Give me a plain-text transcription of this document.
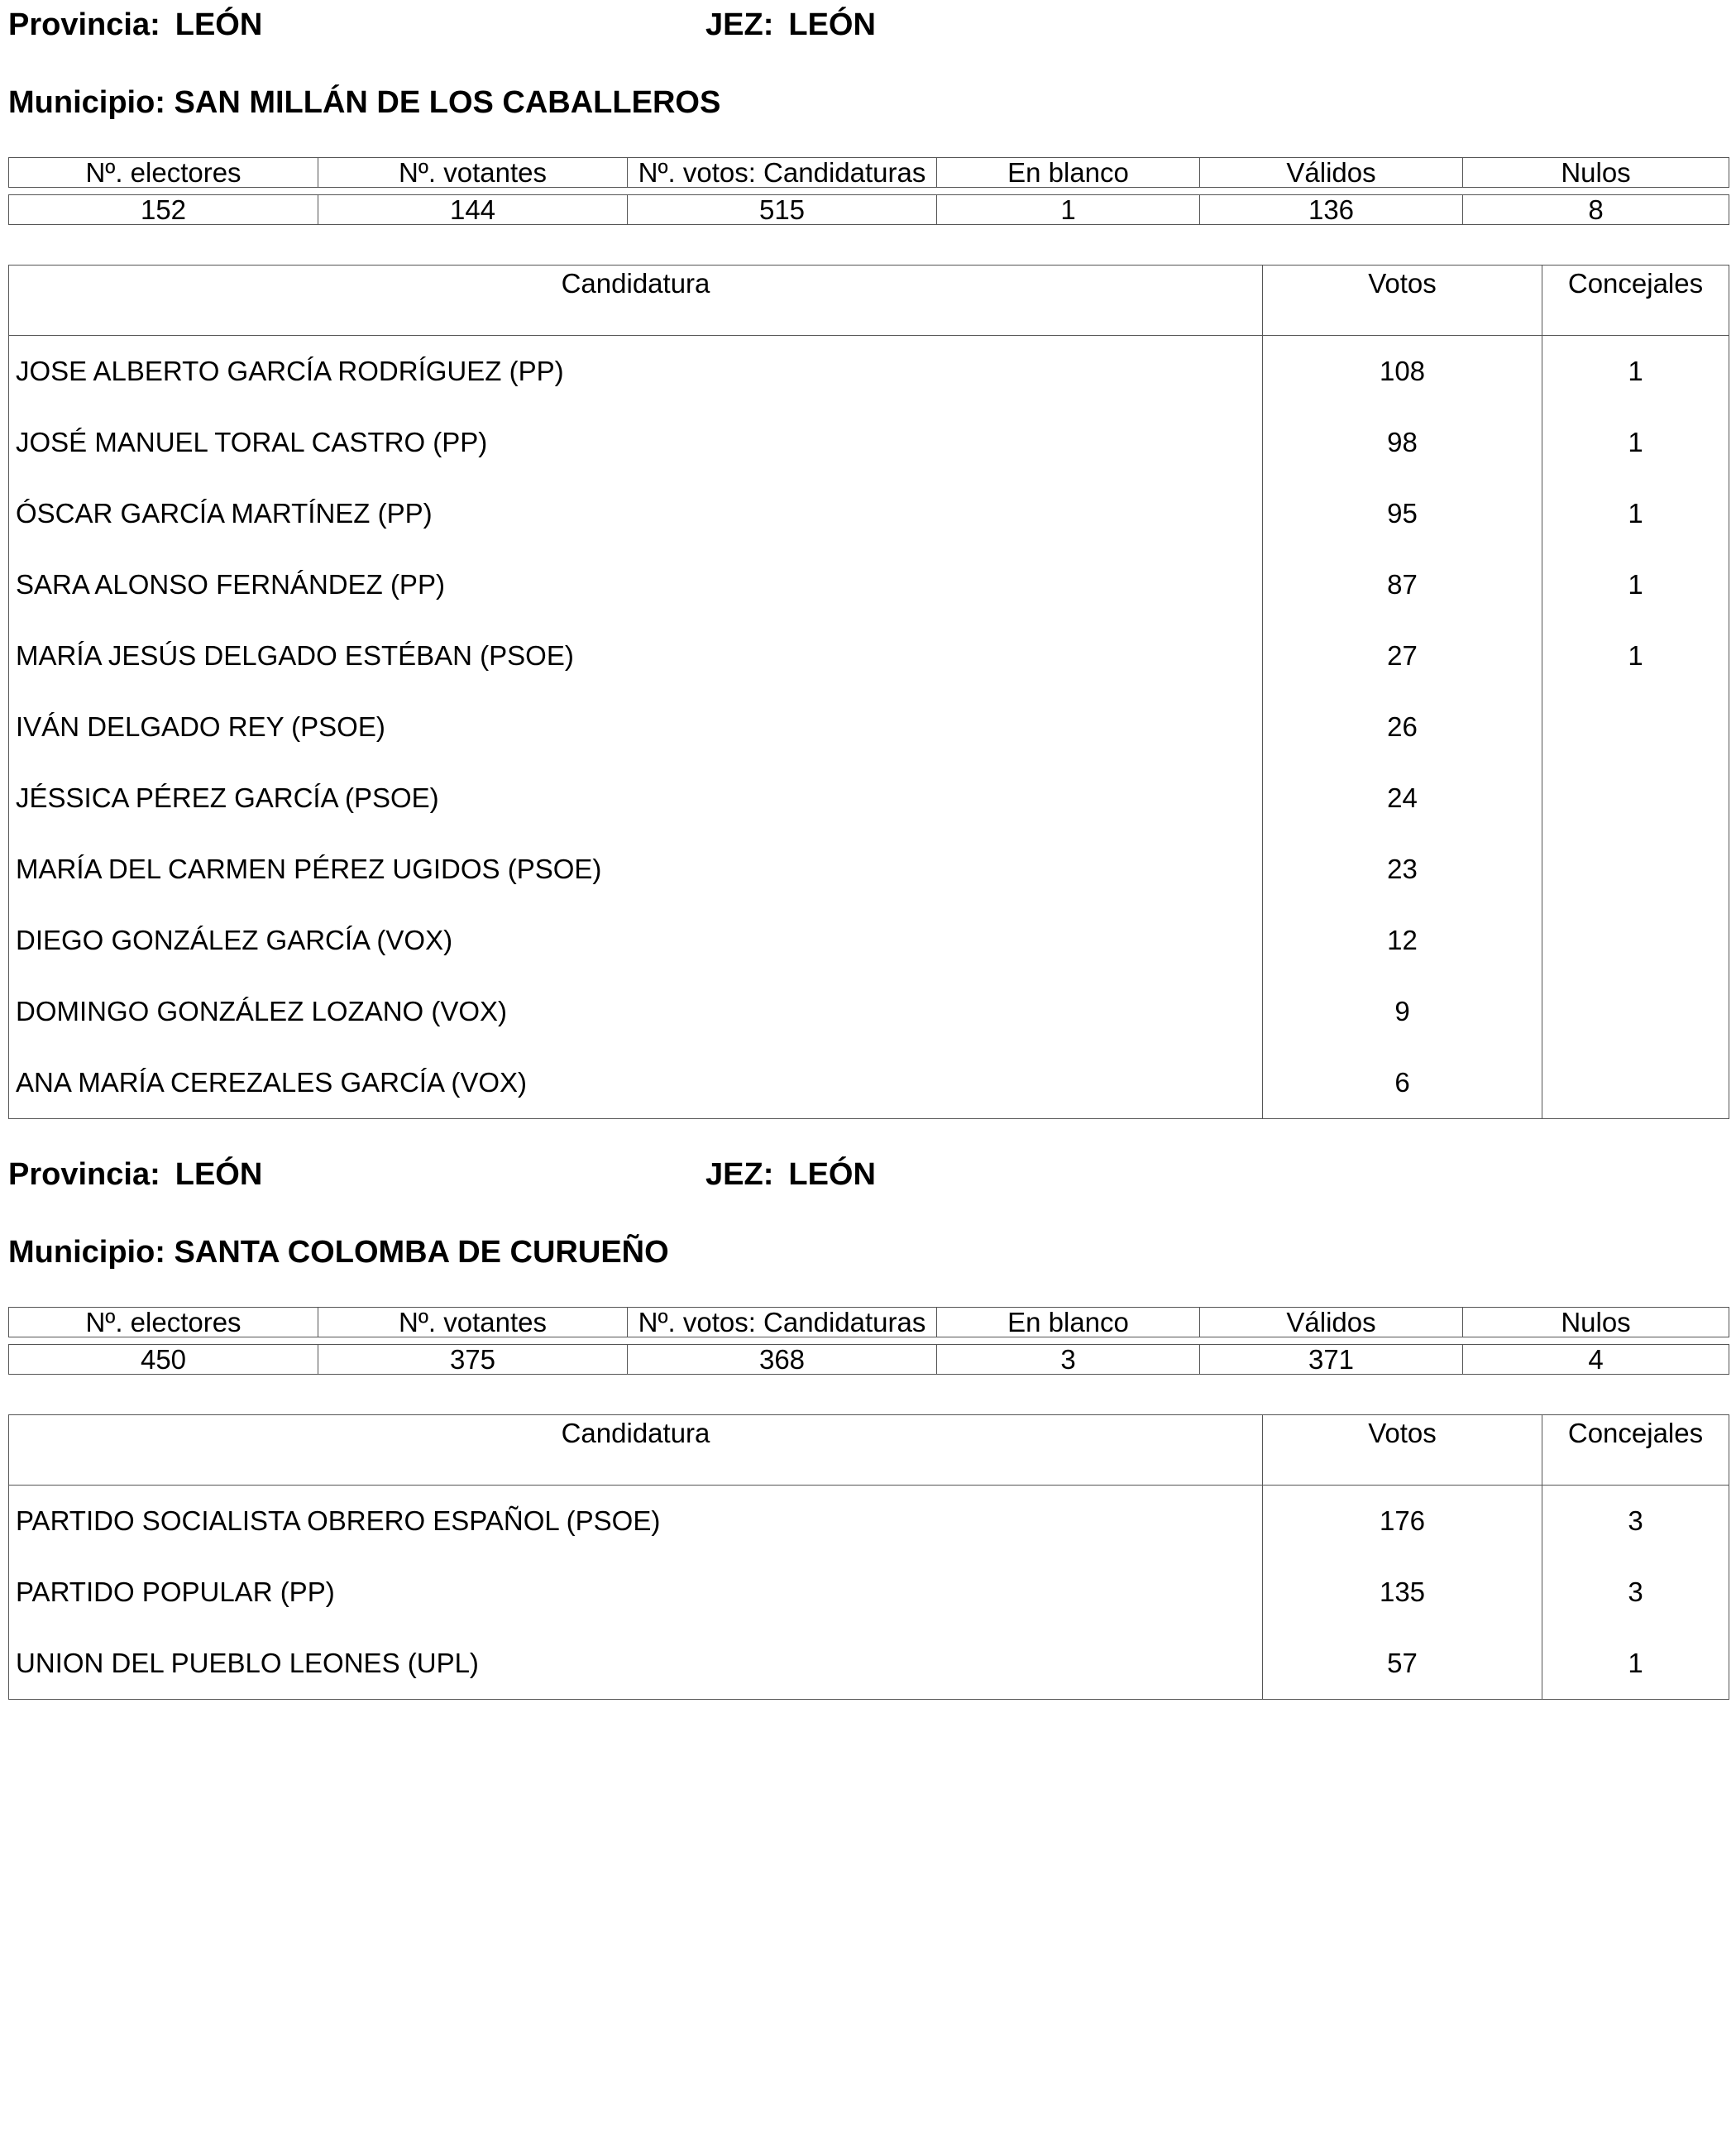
Provincia: LEÓN	JEZ: LEÓN
Municipio: SAN MILLÁN DE LOS CABALLEROS
Nº. electores	Nº. votantes	Nº. votos: Candidaturas	En blanco	Válidos	Nulos

152	144	515	1	136	8
Candidatura	Votos	Concejales
JOSE ALBERTO GARCÍA RODRÍGUEZ (PP)	108	1
JOSÉ MANUEL TORAL CASTRO (PP)	98	1
ÓSCAR GARCÍA MARTÍNEZ (PP)	95	1
SARA ALONSO FERNÁNDEZ (PP)	87	1
MARÍA JESÚS DELGADO ESTÉBAN (PSOE)	27	1
IVÁN DELGADO REY (PSOE)	26	
JÉSSICA PÉREZ GARCÍA (PSOE)	24	
MARÍA DEL CARMEN PÉREZ UGIDOS (PSOE)	23	
DIEGO GONZÁLEZ GARCÍA (VOX)	12	
DOMINGO GONZÁLEZ LOZANO (VOX)	9	
ANA MARÍA CEREZALES GARCÍA (VOX)	6	
Provincia: LEÓN	JEZ: LEÓN
Municipio: SANTA COLOMBA DE CURUEÑO
Nº. electores	Nº. votantes	Nº. votos: Candidaturas	En blanco	Válidos	Nulos

450	375	368	3	371	4
Candidatura	Votos	Concejales
PARTIDO SOCIALISTA OBRERO ESPAÑOL (PSOE)	176	3
PARTIDO POPULAR (PP)	135	3
UNION DEL PUEBLO LEONES (UPL)	57	1
